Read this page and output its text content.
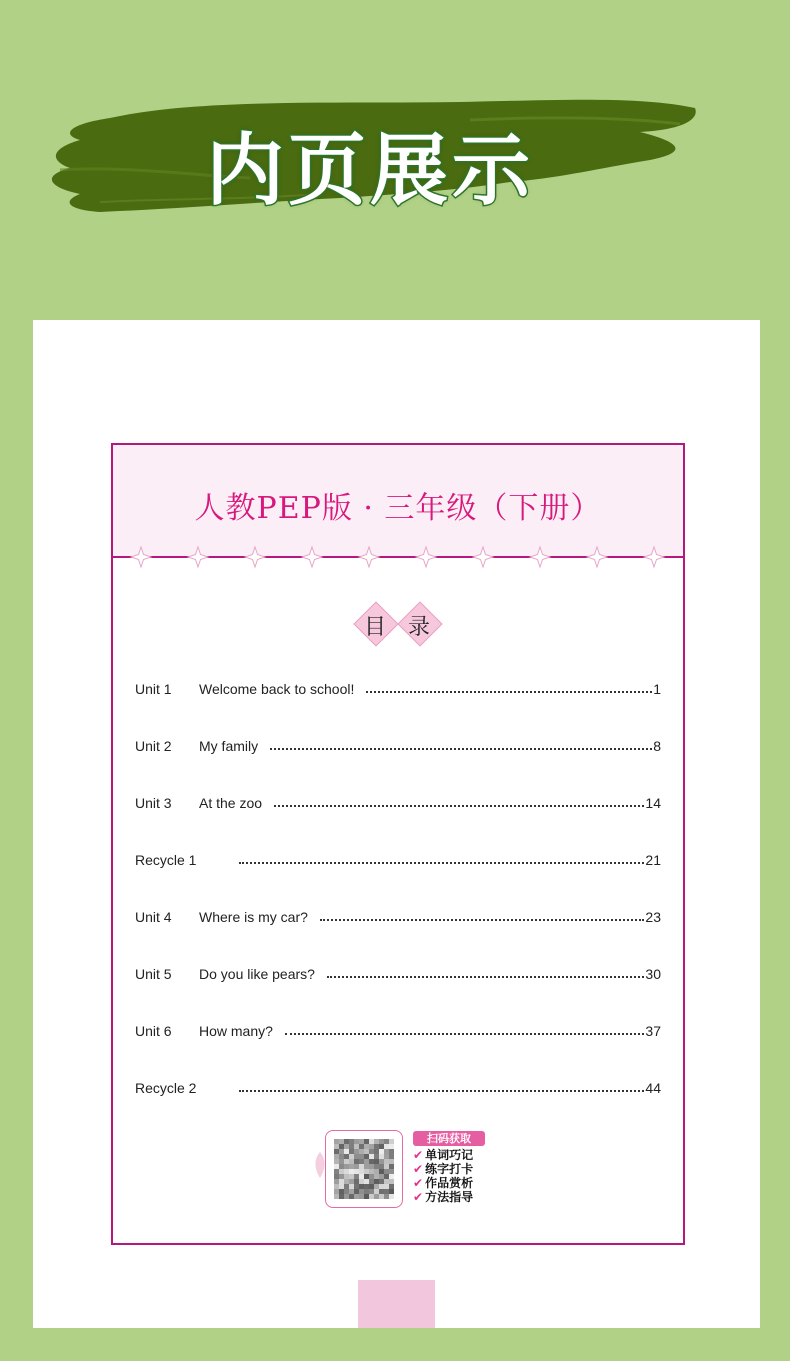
内页展示
人教PEP版 · 三年级（下册）
目 录
Unit 1	Welcome back to school!	1
Unit 2	My family	8
Unit 3	At the zoo	14
Recycle 1	21
Unit 4	Where is my car?	23
Unit 5	Do you like pears?	30
Unit 6	How many?	37
Recycle 2	44
扫码获取
✔ 单词巧记
✔ 练字打卡
✔ 作品赏析
✔ 方法指导
